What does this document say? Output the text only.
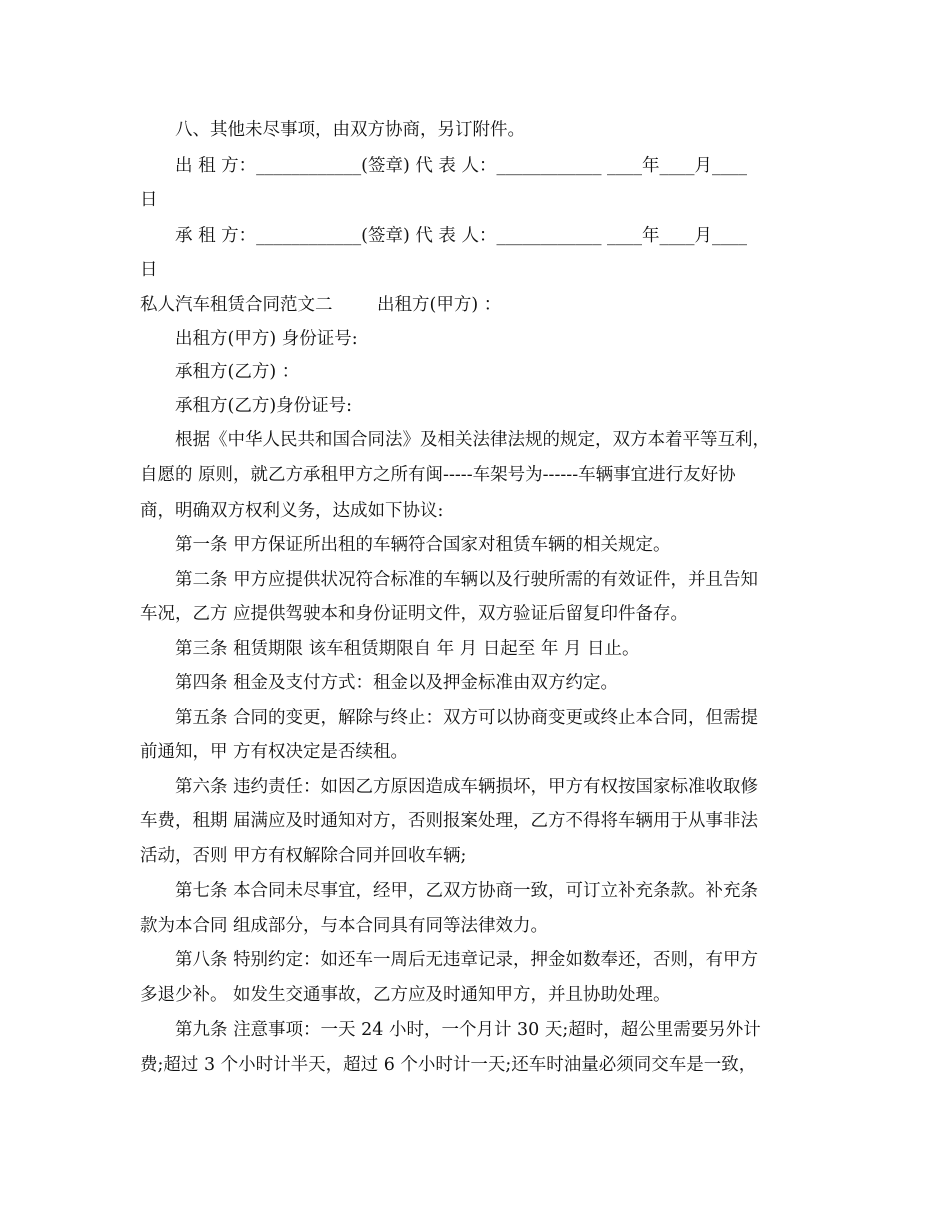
八、其他未尽事项，由双方协商，另订附件。
出 租 方：____________(签章) 代 表 人：____________ ____年____月____
日
承 租 方：____________(签章) 代 表 人：____________ ____年____月____
日
私人汽车租赁合同范文二        出租方(甲方) ：
出租方(甲方) 身份证号:
承租方(乙方) ：
承租方(乙方)身份证号:
根据《中华人民共和国合同法》及相关法律法规的规定，双方本着平等互利，
自愿的 原则，就乙方承租甲方之所有闽-----车架号为------车辆事宜进行友好协
商，明确双方权利义务，达成如下协议:
第一条 甲方保证所出租的车辆符合国家对租赁车辆的相关规定。
第二条 甲方应提供状况符合标准的车辆以及行驶所需的有效证件，并且告知
车况，乙方 应提供驾驶本和身份证明文件，双方验证后留复印件备存。
第三条 租赁期限 该车租赁期限自 年 月 日起至 年 月 日止。
第四条 租金及支付方式：租金以及押金标准由双方约定。
第五条 合同的变更，解除与终止：双方可以协商变更或终止本合同，但需提
前通知，甲 方有权决定是否续租。
第六条 违约责任：如因乙方原因造成车辆损坏，甲方有权按国家标准收取修
车费，租期 届满应及时通知对方，否则报案处理，乙方不得将车辆用于从事非法
活动，否则 甲方有权解除合同并回收车辆;
第七条 本合同未尽事宜，经甲，乙双方协商一致，可订立补充条款。补充条
款为本合同 组成部分，与本合同具有同等法律效力。
第八条 特别约定：如还车一周后无违章记录，押金如数奉还，否则，有甲方
多退少补。 如发生交通事故，乙方应及时通知甲方，并且协助处理。
第九条 注意事项：一天 24 小时，一个月计 30 天;超时，超公里需要另外计
费;超过 3 个小时计半天，超过 6 个小时计一天;还车时油量必须同交车是一致，
